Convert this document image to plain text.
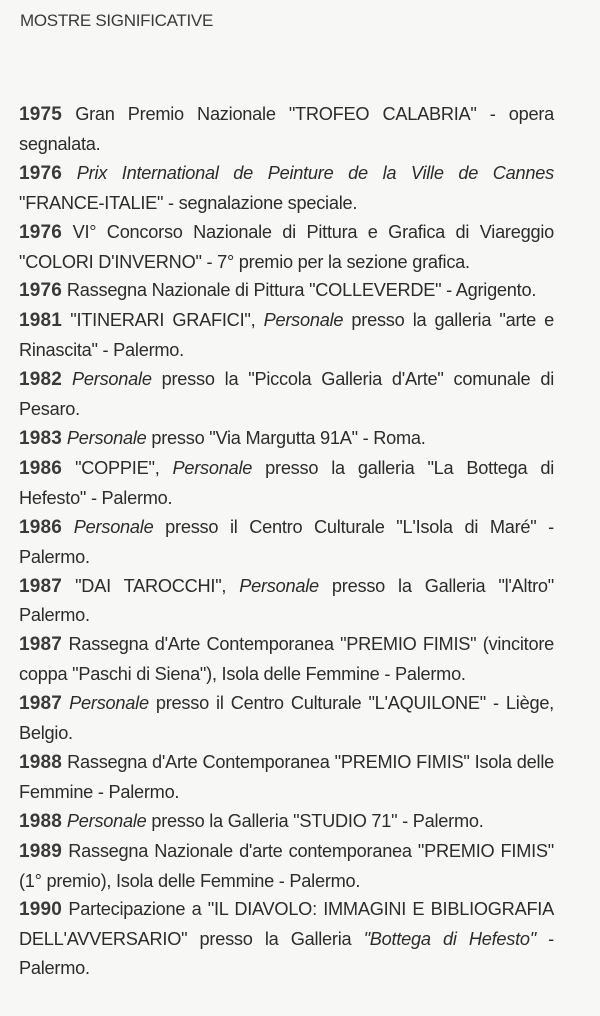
MOSTRE SIGNIFICATIVE
1975 Gran Premio Nazionale "TROFEO CALABRIA" - opera segnalata.
1976 Prix International de Peinture de la Ville de Cannes "FRANCE-ITALIE" - segnalazione speciale.
1976 VI° Concorso Nazionale di Pittura e Grafica di Viareggio "COLORI D'INVERNO" - 7° premio per la sezione grafica.
1976 Rassegna Nazionale di Pittura "COLLEVERDE" - Agrigento.
1981 "ITINERARI GRAFICI", Personale presso la galleria "arte e Rinascita" - Palermo.
1982 Personale presso la "Piccola Galleria d'Arte" comunale di Pesaro.
1983 Personale presso "Via Margutta 91A" - Roma.
1986 "COPPIE", Personale presso la galleria "La Bottega di Hefesto" - Palermo.
1986 Personale presso il Centro Culturale "L'Isola di Maré" - Palermo.
1987 "DAI TAROCCHI", Personale presso la Galleria "l'Altro" Palermo.
1987 Rassegna d'Arte Contemporanea "PREMIO FIMIS" (vincitore coppa "Paschi di Siena"), Isola delle Femmine - Palermo.
1987 Personale presso il Centro Culturale "L'AQUILONE" - Liège, Belgio.
1988 Rassegna d'Arte Contemporanea "PREMIO FIMIS" Isola delle Femmine - Palermo.
1988 Personale presso la Galleria "STUDIO 71" - Palermo.
1989 Rassegna Nazionale d'arte contemporanea "PREMIO FIMIS" (1° premio), Isola delle Femmine - Palermo.
1990 Partecipazione a "IL DIAVOLO: IMMAGINI E BIBLIOGRAFIA DELL'AVVERSARIO" presso la Galleria "Bottega di Hefesto" - Palermo.
